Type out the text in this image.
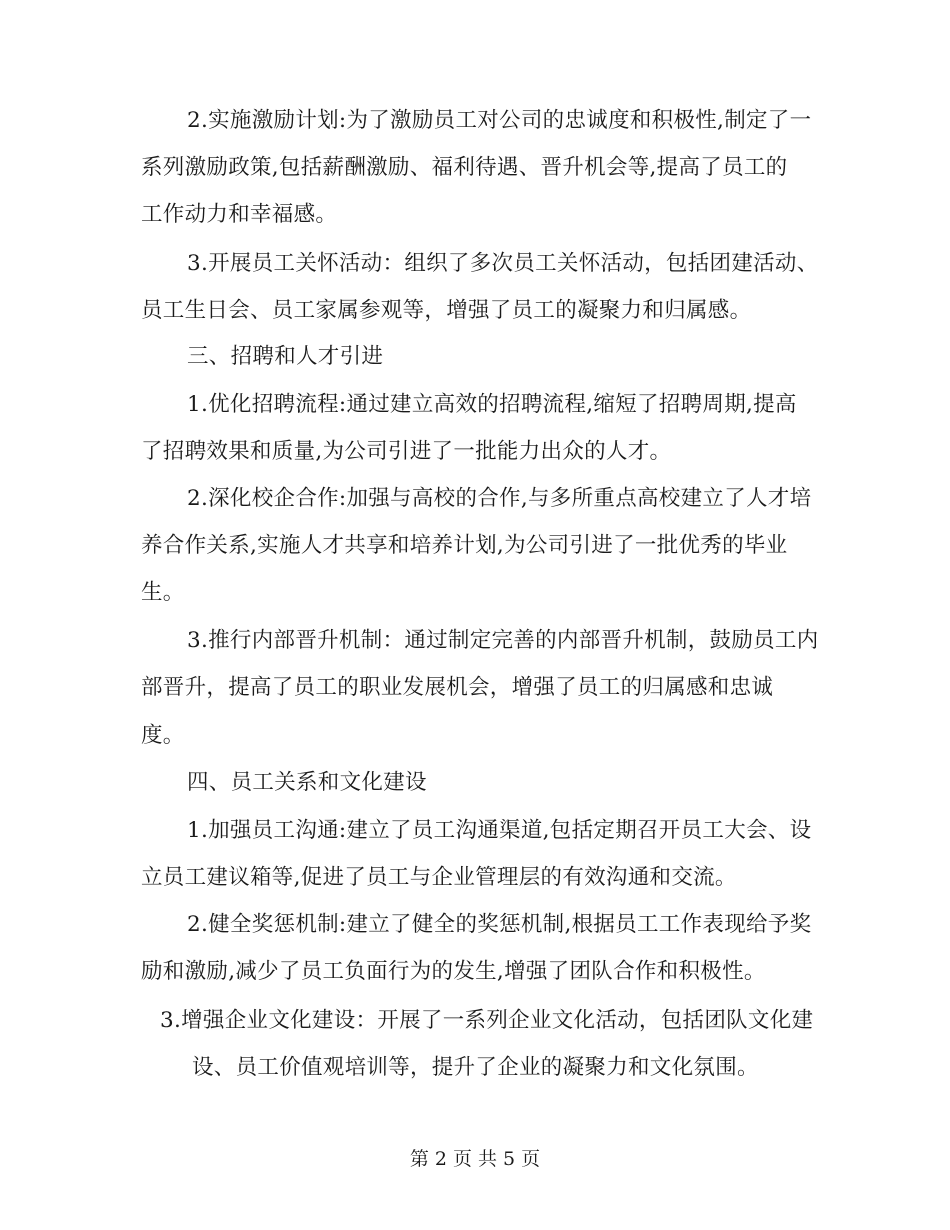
2.实施激励计划:为了激励员工对公司的忠诚度和积极性,制定了一
系列激励政策,包括薪酬激励、福利待遇、晋升机会等,提高了员工的
工作动力和幸福感。
3.开展员工关怀活动：组织了多次员工关怀活动，包括团建活动、
员工生日会、员工家属参观等，增强了员工的凝聚力和归属感。
三、招聘和人才引进
1.优化招聘流程:通过建立高效的招聘流程,缩短了招聘周期,提高
了招聘效果和质量,为公司引进了一批能力出众的人才。
2.深化校企合作:加强与高校的合作,与多所重点高校建立了人才培
养合作关系,实施人才共享和培养计划,为公司引进了一批优秀的毕业
生。
3.推行内部晋升机制：通过制定完善的内部晋升机制，鼓励员工内
部晋升，提高了员工的职业发展机会，增强了员工的归属感和忠诚
度。
四、员工关系和文化建设
1.加强员工沟通:建立了员工沟通渠道,包括定期召开员工大会、设
立员工建议箱等,促进了员工与企业管理层的有效沟通和交流。
2.健全奖惩机制:建立了健全的奖惩机制,根据员工工作表现给予奖
励和激励,减少了员工负面行为的发生,增强了团队合作和积极性。
3.增强企业文化建设：开展了一系列企业文化活动，包括团队文化建
设、员工价值观培训等，提升了企业的凝聚力和文化氛围。
第 2 页 共 5 页
